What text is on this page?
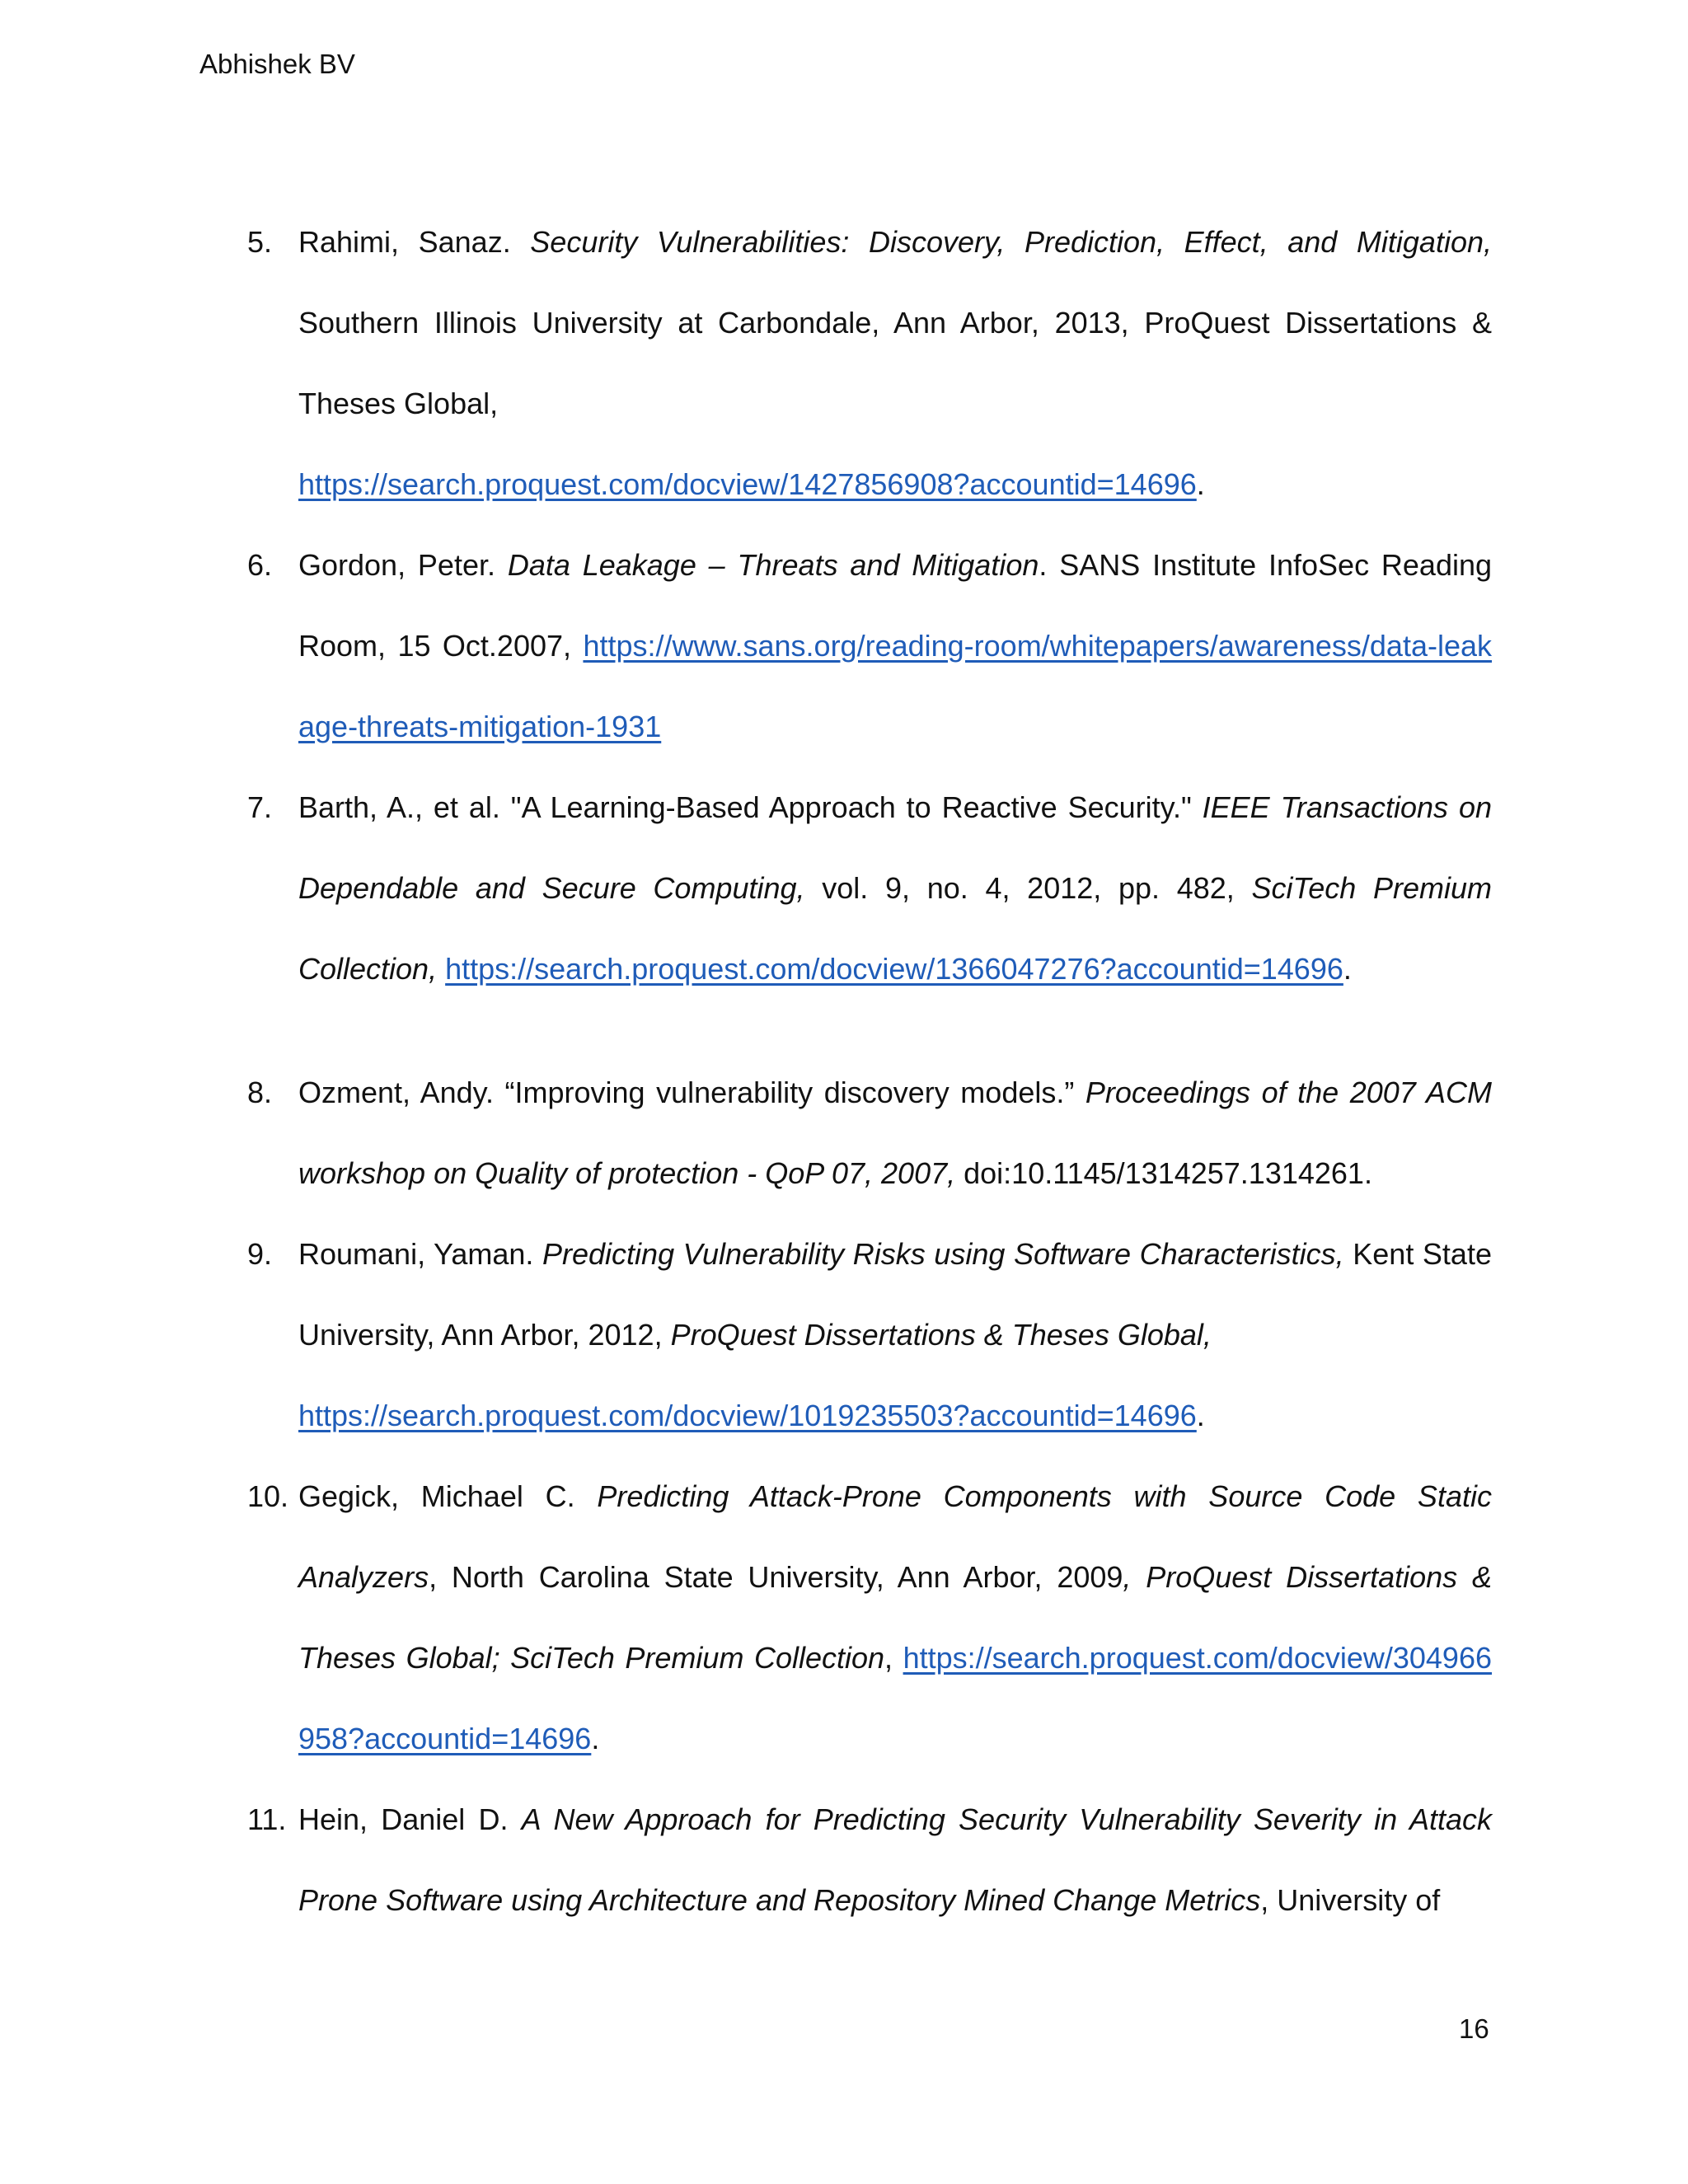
Abhishek BV
5. Rahimi, Sanaz. Security Vulnerabilities: Discovery, Prediction, Effect, and Mitigation, Southern Illinois University at Carbondale, Ann Arbor, 2013, ProQuest Dissertations & Theses Global,
https://search.proquest.com/docview/1427856908?accountid=14696.
6. Gordon, Peter. Data Leakage – Threats and Mitigation. SANS Institute InfoSec Reading Room, 15 Oct.2007, https://www.sans.org/reading-room/whitepapers/awareness/data-leakage-threats-mitigation-1931
7. Barth, A., et al. "A Learning-Based Approach to Reactive Security." IEEE Transactions on Dependable and Secure Computing, vol. 9, no. 4, 2012, pp. 482, SciTech Premium Collection, https://search.proquest.com/docview/1366047276?accountid=14696.
8. Ozment, Andy. “Improving vulnerability discovery models.” Proceedings of the 2007 ACM workshop on Quality of protection - QoP 07, 2007, doi:10.1145/1314257.1314261.
9. Roumani, Yaman. Predicting Vulnerability Risks using Software Characteristics, Kent State University, Ann Arbor, 2012, ProQuest Dissertations & Theses Global,
https://search.proquest.com/docview/1019235503?accountid=14696.
10. Gegick, Michael C. Predicting Attack-Prone Components with Source Code Static Analyzers, North Carolina State University, Ann Arbor, 2009, ProQuest Dissertations & Theses Global; SciTech Premium Collection, https://search.proquest.com/docview/304966958?accountid=14696.
11. Hein, Daniel D. A New Approach for Predicting Security Vulnerability Severity in Attack Prone Software using Architecture and Repository Mined Change Metrics, University of
16
